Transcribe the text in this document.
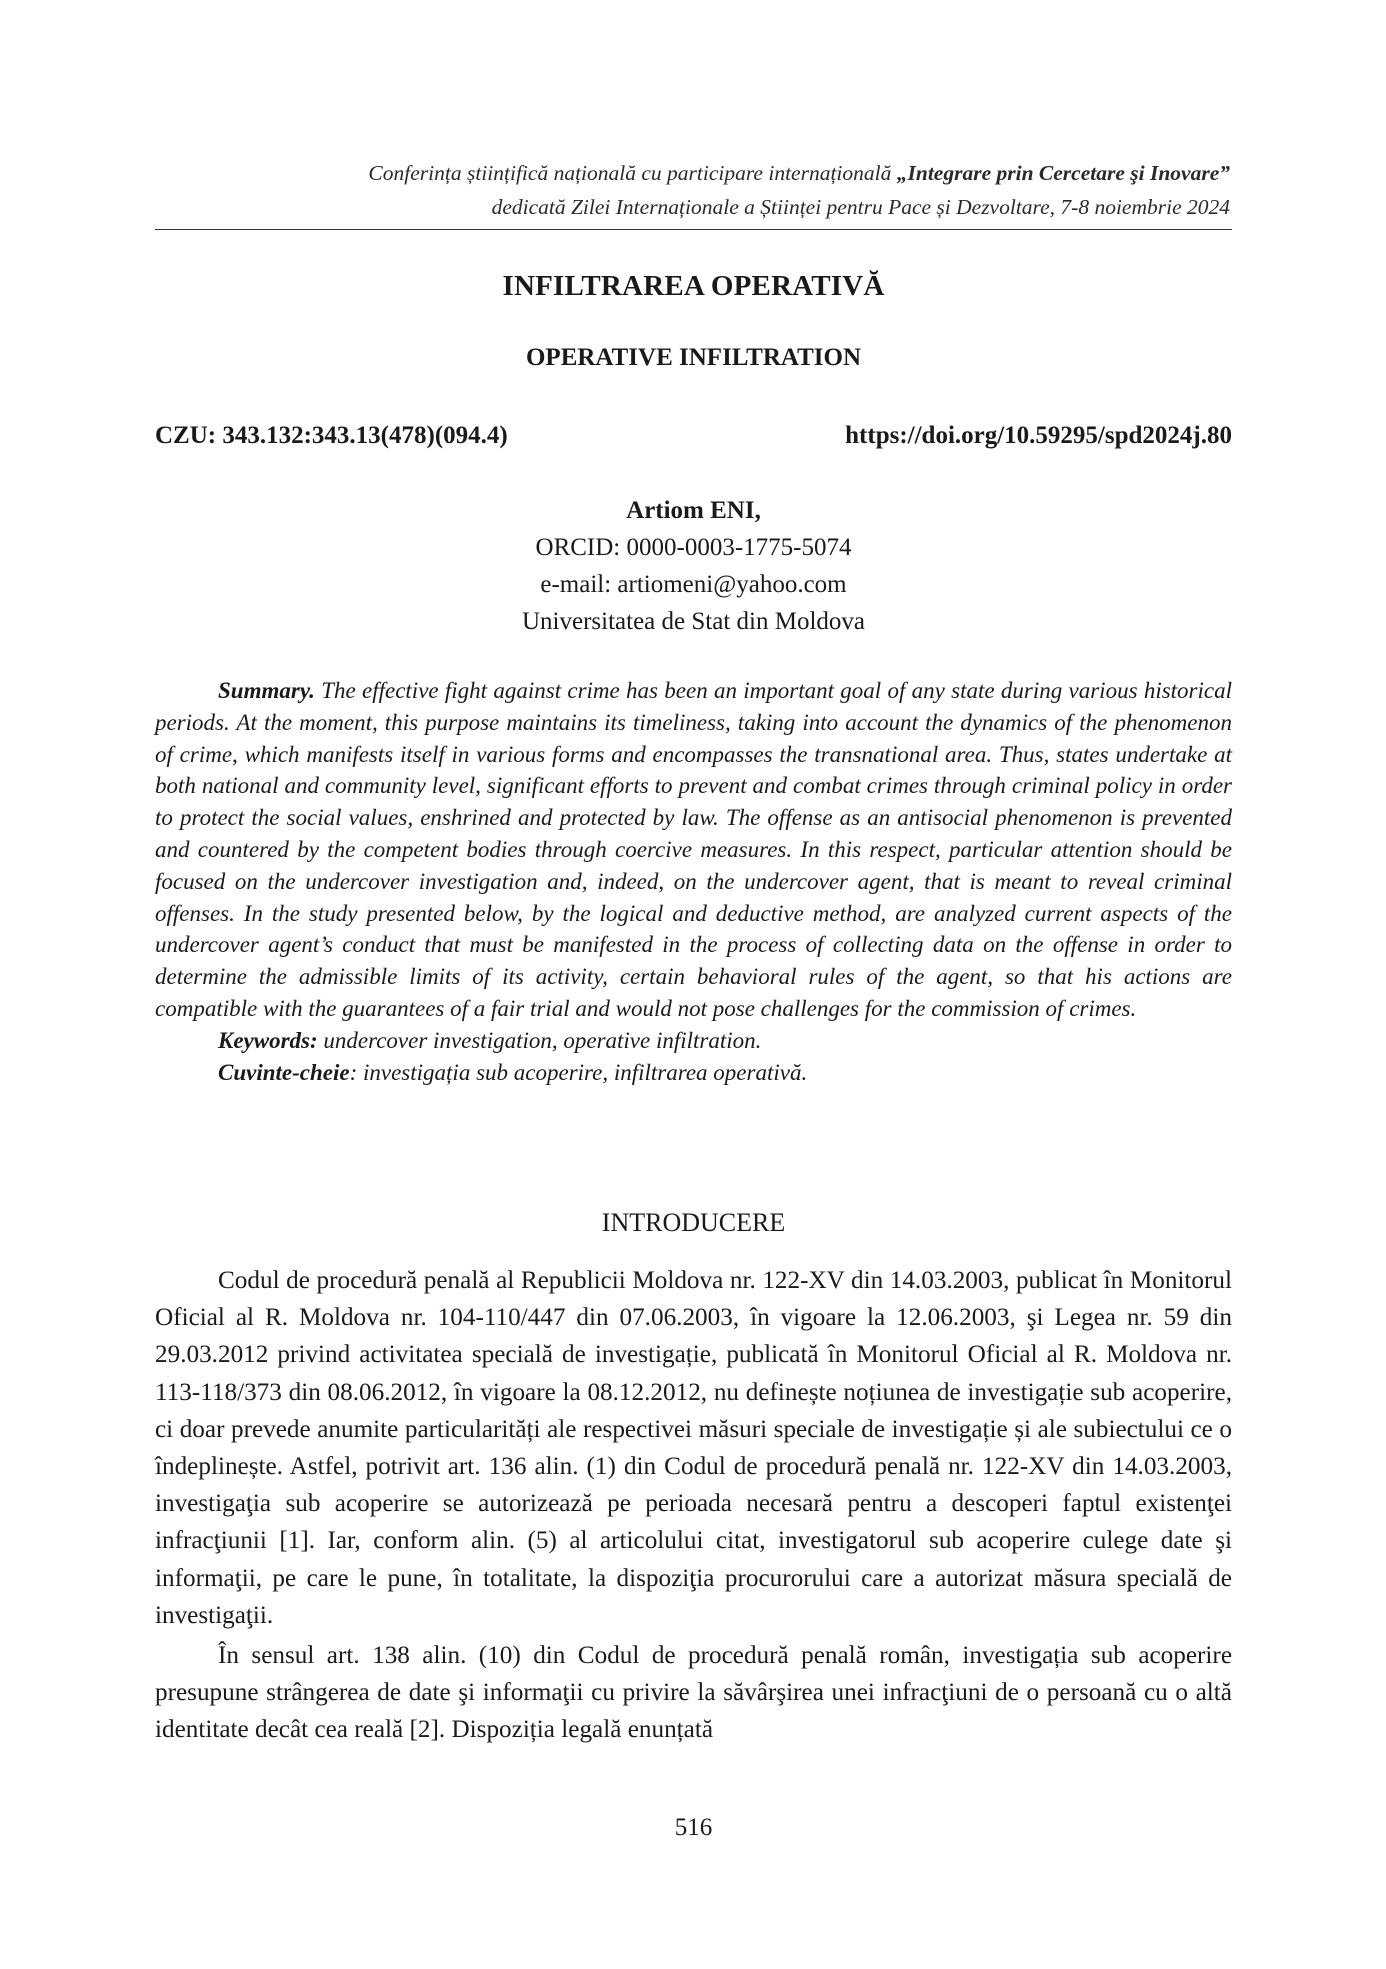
Conferința științifică națională cu participare internațională „Integrare prin Cercetare şi Inovare”
dedicată Zilei Internaționale a Științei pentru Pace și Dezvoltare, 7-8 noiembrie 2024
INFILTRAREA OPERATIVĂ
OPERATIVE INFILTRATION
CZU: 343.132:343.13(478)(094.4)	https://doi.org/10.59295/spd2024j.80
Artiom ENI,
ORCID: 0000-0003-1775-5074
e-mail: artiomeni@yahoo.com
Universitatea de Stat din Moldova

Summary. The effective fight against crime has been an important goal of any state during various historical periods. At the moment, this purpose maintains its timeliness, taking into account the dynamics of the phenomenon of crime, which manifests itself in various forms and encompasses the transnational area. Thus, states undertake at both national and community level, significant efforts to prevent and combat crimes through criminal policy in order to protect the social values, enshrined and protected by law. The offense as an antisocial phenomenon is prevented and countered by the competent bodies through coercive measures. In this respect, particular attention should be focused on the undercover investigation and, indeed, on the undercover agent, that is meant to reveal criminal offenses. In the study presented below, by the logical and deductive method, are analyzed current aspects of the undercover agent’s conduct that must be manifested in the process of collecting data on the offense in order to determine the admissible limits of its activity, certain behavioral rules of the agent, so that his actions are compatible with the guarantees of a fair trial and would not pose challenges for the commission of crimes.

Keywords: undercover investigation, operative infiltration.

Cuvinte-cheie: investigația sub acoperire, infiltrarea operativă.

INTRODUCERE

Codul de procedură penală al Republicii Moldova nr. 122-XV din 14.03.2003, publicat în Monitorul Oficial al R. Moldova nr. 104-110/447 din 07.06.2003, în vigoare la 12.06.2003, şi Legea nr. 59 din 29.03.2012 privind activitatea specială de investigație, publicată în Monitorul Oficial al R. Moldova nr. 113-118/373 din 08.06.2012, în vigoare la 08.12.2012, nu definește noțiunea de investigație sub acoperire, ci doar prevede anumite particularități ale respectivei măsuri speciale de investigație și ale subiectului ce o îndeplinește. Astfel, potrivit art. 136 alin. (1) din Codul de procedură penală nr. 122-XV din 14.03.2003, investigaţia sub acoperire se autorizează pe perioada necesară pentru a descoperi faptul existenţei infracţiunii [1]. Iar, conform alin. (5) al articolului citat, investigatorul sub acoperire culege date şi informaţii, pe care le pune, în totalitate, la dispoziţia procurorului care a autorizat măsura specială de investigaţii.

În sensul art. 138 alin. (10) din Codul de procedură penală român, investigația sub acoperire presupune strângerea de date şi informaţii cu privire la săvârşirea unei infracţiuni de o persoană cu o altă identitate decât cea reală [2]. Dispoziția legală enunțată

516
